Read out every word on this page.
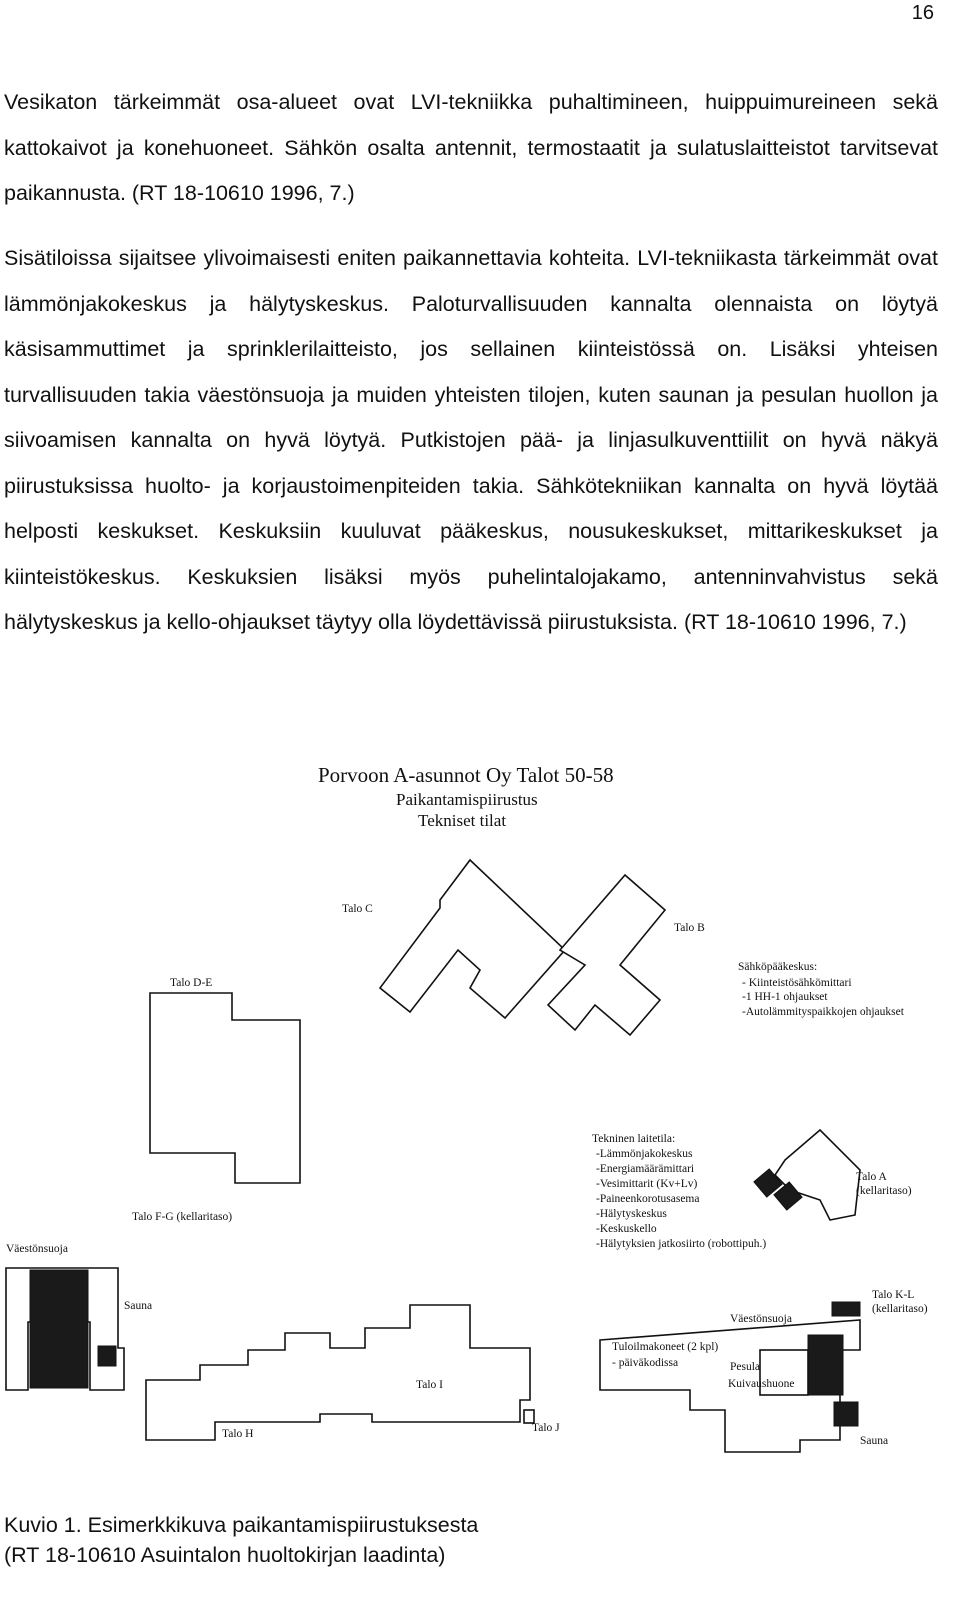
16

Vesikaton tärkeimmät osa-alueet ovat LVI-tekniikka puhaltimineen, huippuimureineen sekä kattokaivot ja konehuoneet. Sähkön osalta antennit, termostaatit ja sulatuslaitteistot tarvitsevat paikannusta. (RT 18-10610 1996, 7.)

Sisätiloissa sijaitsee ylivoimaisesti eniten paikannettavia kohteita. LVI-tekniikasta tärkeimmät ovat lämmönjakokeskus ja hälytyskeskus. Paloturvallisuuden kannalta olennaista on löytyä käsisammuttimet ja sprinklerilaitteisto, jos sellainen kiinteistössä on. Lisäksi yhteisen turvallisuuden takia väestönsuoja ja muiden yhteisten tilojen, kuten saunan ja pesulan huollon ja siivoamisen kannalta on hyvä löytyä. Putkistojen pää- ja linjasulkuventtiilit on hyvä näkyä piirustuksissa huolto- ja korjaustoimenpiteiden takia. Sähkötekniikan kannalta on hyvä löytää helposti keskukset. Keskuksiin kuuluvat pääkeskus, nousukeskukset, mittarikeskukset ja kiinteistökeskus. Keskuksien lisäksi myös puhelintalojakamo, antenninvahvistus sekä hälytyskeskus ja kello-ohjaukset täytyy olla löydettävissä piirustuksista. (RT 18-10610 1996, 7.)

Porvoon A-asunnot Oy Talot 50-58
Paikantamispiirustus
Tekniset tilat
Talo C
Talo B
Talo D-E
Talo F-G (kellaritaso)
Väestönsuoja
Sauna
Talo I
Talo H	Talo J
Talo A
(kellaritaso)
Talo K-L
(kellaritaso)
Väestönsuoja
Pesula
Kuivaushuone
Sauna
Tuloilmakoneet (2 kpl)
- päiväkodissa
Sähköpääkeskus:
- Kiinteistösähkömittari
-1 HH-1 ohjaukset
-Autolämmityspaikkojen ohjaukset
Tekninen laitetila:
-Lämmönjakokeskus
-Energiamäärämittari
-Vesimittarit (Kv+Lv)
-Paineenkorotusasema
-Hälytyskeskus
-Keskuskello
-Hälytyksien jatkosiirto (robottipuh.)

Kuvio 1. Esimerkkikuva paikantamispiirustuksesta
(RT 18-10610 Asuintalon huoltokirjan laadinta)
